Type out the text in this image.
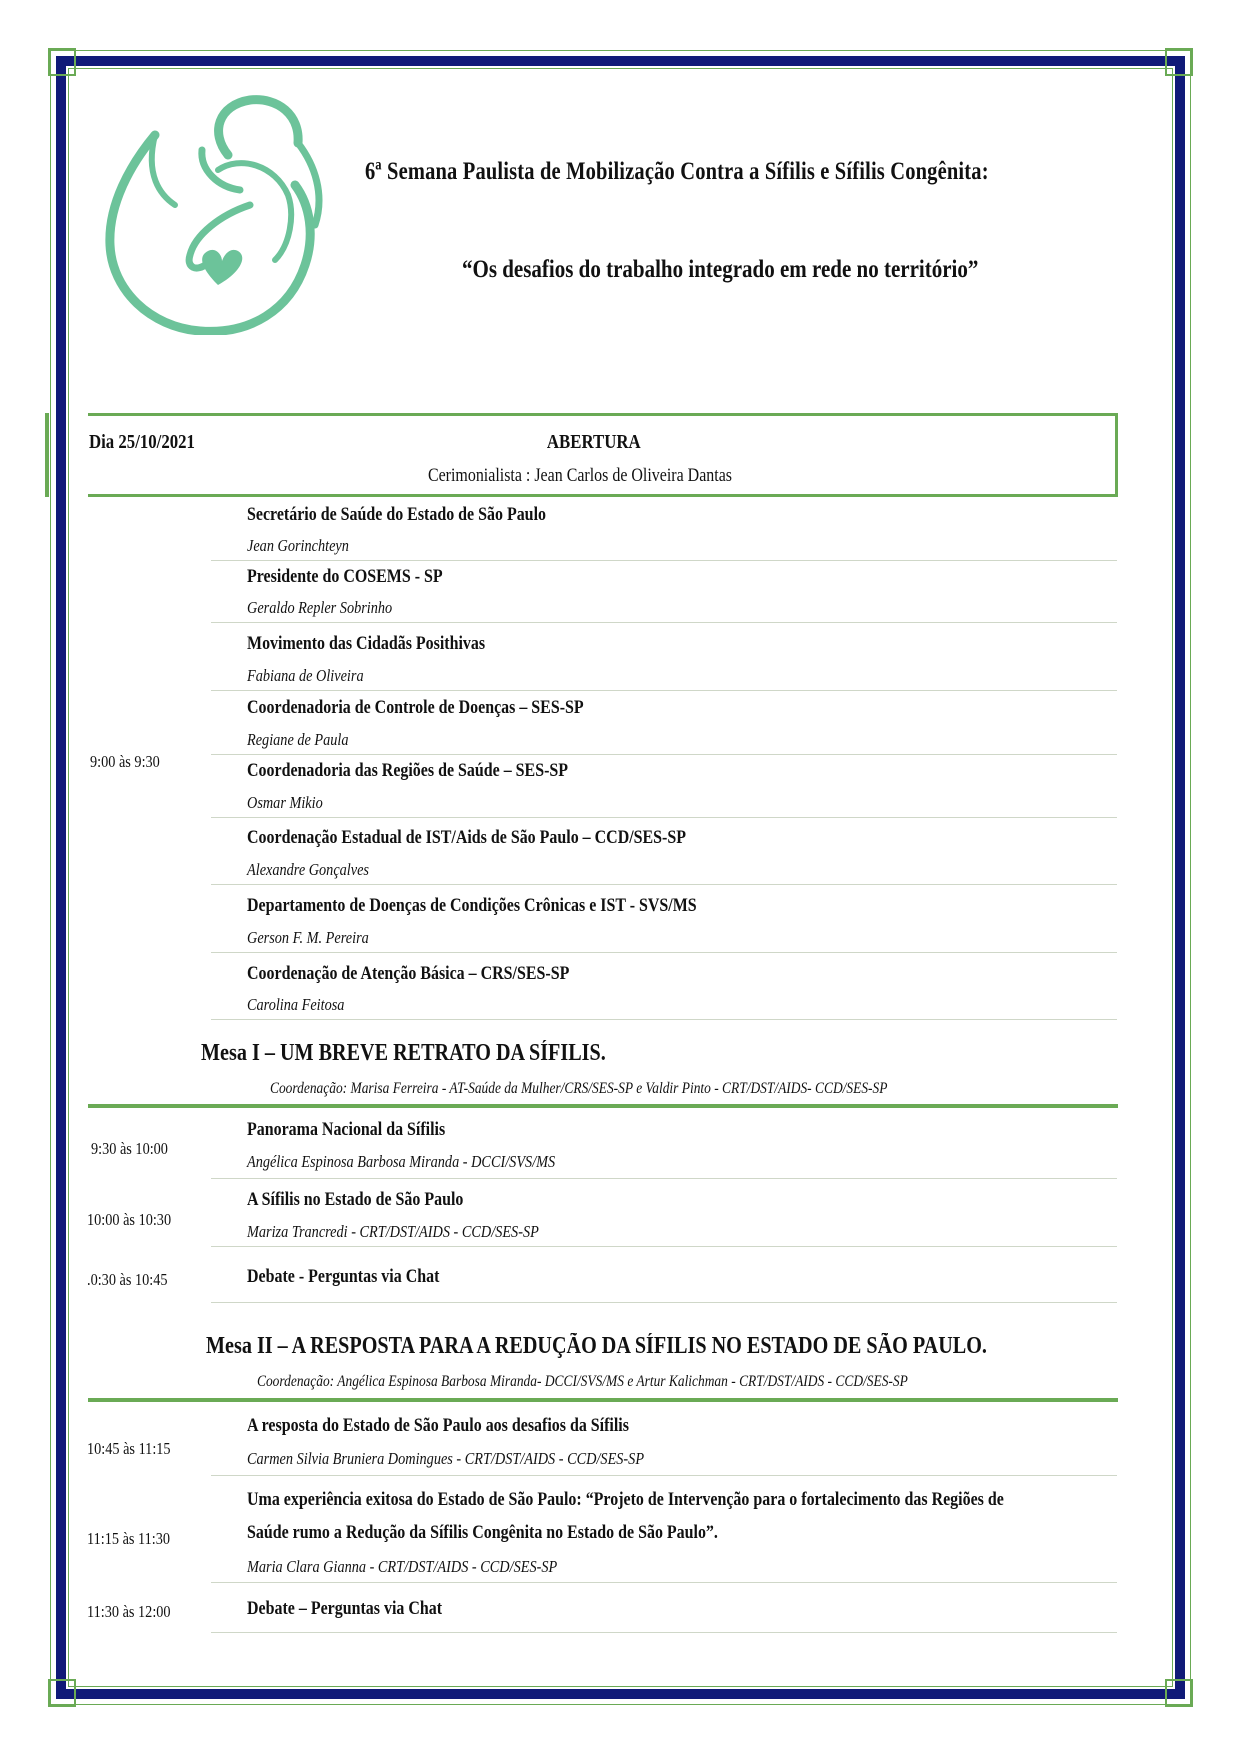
6ª Semana Paulista de Mobilização Contra a Sífilis e Sífilis Congênita:
“Os desafios do trabalho integrado em rede no território”
Dia 25/10/2021	ABERTURA
Cerimonialista : Jean Carlos de Oliveira Dantas
9:00 às 9:30
Secretário de Saúde do Estado de São Paulo
Jean Gorinchteyn
Presidente do COSEMS - SP
Geraldo Repler Sobrinho
Movimento das Cidadãs Posithivas
Fabiana de Oliveira
Coordenadoria de Controle de Doenças – SES-SP
Regiane de Paula
Coordenadoria das Regiões de Saúde – SES-SP
Osmar Mikio
Coordenação Estadual de IST/Aids de São Paulo – CCD/SES-SP
Alexandre Gonçalves
Departamento de Doenças de Condições Crônicas e IST - SVS/MS
Gerson F. M. Pereira
Coordenação de Atenção Básica – CRS/SES-SP
Carolina Feitosa
Mesa I – UM BREVE RETRATO DA SÍFILIS.
Coordenação: Marisa Ferreira - AT-Saúde da Mulher/CRS/SES-SP e Valdir Pinto - CRT/DST/AIDS- CCD/SES-SP
9:30 às 10:00
Panorama Nacional da Sífilis
Angélica Espinosa Barbosa Miranda - DCCI/SVS/MS
10:00 às 10:30
A Sífilis no Estado de São Paulo
Mariza Trancredi - CRT/DST/AIDS - CCD/SES-SP
.0:30 às 10:45	Debate - Perguntas via Chat
Mesa II – A RESPOSTA PARA A REDUÇÃO DA SÍFILIS NO ESTADO DE SÃO PAULO.
Coordenação: Angélica Espinosa Barbosa Miranda- DCCI/SVS/MS e Artur Kalichman - CRT/DST/AIDS - CCD/SES-SP
10:45 às 11:15
A resposta do Estado de São Paulo aos desafios da Sífilis
Carmen Silvia Bruniera Domingues - CRT/DST/AIDS - CCD/SES-SP
11:15 às 11:30
Uma experiência exitosa do Estado de São Paulo: “Projeto de Intervenção para o fortalecimento das Regiões de
Saúde rumo a Redução da Sífilis Congênita no Estado de São Paulo”.
Maria Clara Gianna - CRT/DST/AIDS - CCD/SES-SP
11:30 às 12:00	Debate – Perguntas via Chat
